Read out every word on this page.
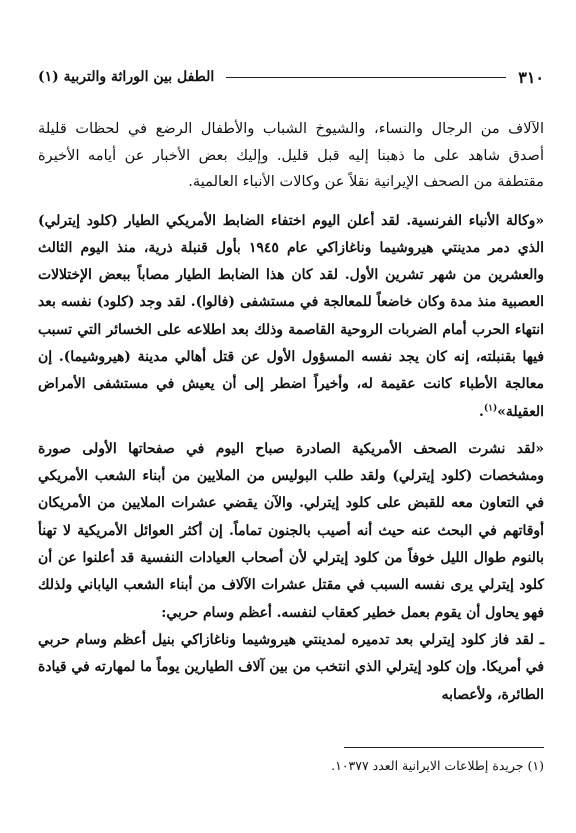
٣١٠
الطفل بين الوراثة والتربية (١)

الآلاف من الرجال والنساء، والشيوخ الشباب والأطفال الرضع في لحظات قليلة أصدق شاهد على ما ذهبنا إليه قبل قليل. وإليك بعض الأخبار عن أيامه الأخيرة مقتطفة من الصحف الإيرانية نقلاً عن وكالات الأنباء العالمية.

«وكالة الأنباء الفرنسية. لقد أعلن اليوم اختفاء الضابط الأمريكي الطيار (كلود إيترلي) الذي دمر مدينتي هيروشيما وناغازاكي عام ١٩٤٥ بأول قنبلة ذرية، منذ اليوم الثالث والعشرين من شهر تشرين الأول. لقد كان هذا الضابط الطيار مصاباً ببعض الإختلالات العصبية منذ مدة وكان خاضعاً للمعالجة في مستشفى (فالوا). لقد وجد (كلود) نفسه بعد انتهاء الحرب أمام الضربات الروحية القاصمة وذلك بعد اطلاعه على الخسائر التي تسبب فيها بقنبلته، إنه كان يجد نفسه المسؤول الأول عن قتل أهالي مدينة (هيروشيما). إن معالجة الأطباء كانت عقيمة له، وأخيراً اضطر إلى أن يعيش في مستشفى الأمراض العقيلة»$^{(١)}$.

«لقد نشرت الصحف الأمريكية الصادرة صباح اليوم في صفحاتها الأولى صورة ومشخصات (كلود إيترلي) ولقد طلب البوليس من الملايين من أبناء الشعب الأمريكي في التعاون معه للقبض على كلود إيترلي. والآن يقضي عشرات الملايين من الأمريكان أوقاتهم في البحث عنه حيث أنه أصيب بالجنون تماماً. إن أكثر العوائل الأمريكية لا تهنأ بالنوم طوال الليل خوفاً من كلود إيترلي لأن أصحاب العيادات النفسية قد أعلنوا عن أن كلود إيترلي يرى نفسه السبب في مقتل عشرات الآلاف من أبناء الشعب الياباني ولذلك فهو يحاول أن يقوم بعمل خطير كعقاب لنفسه. أعظم وسام حربي:

ـ لقد فاز كلود إيترلي بعد تدميره لمدينتي هيروشيما وناغازاكي بنيل أعظم وسام حربي في أمريكا. وإن كلود إيترلي الذي انتخب من بين آلاف الطيارين يوماً ما لمهارته في قيادة الطائرة، ولأعصابه

(١) جريدة إطلاعات الايرانية العدد ١٠٣٧٧.
